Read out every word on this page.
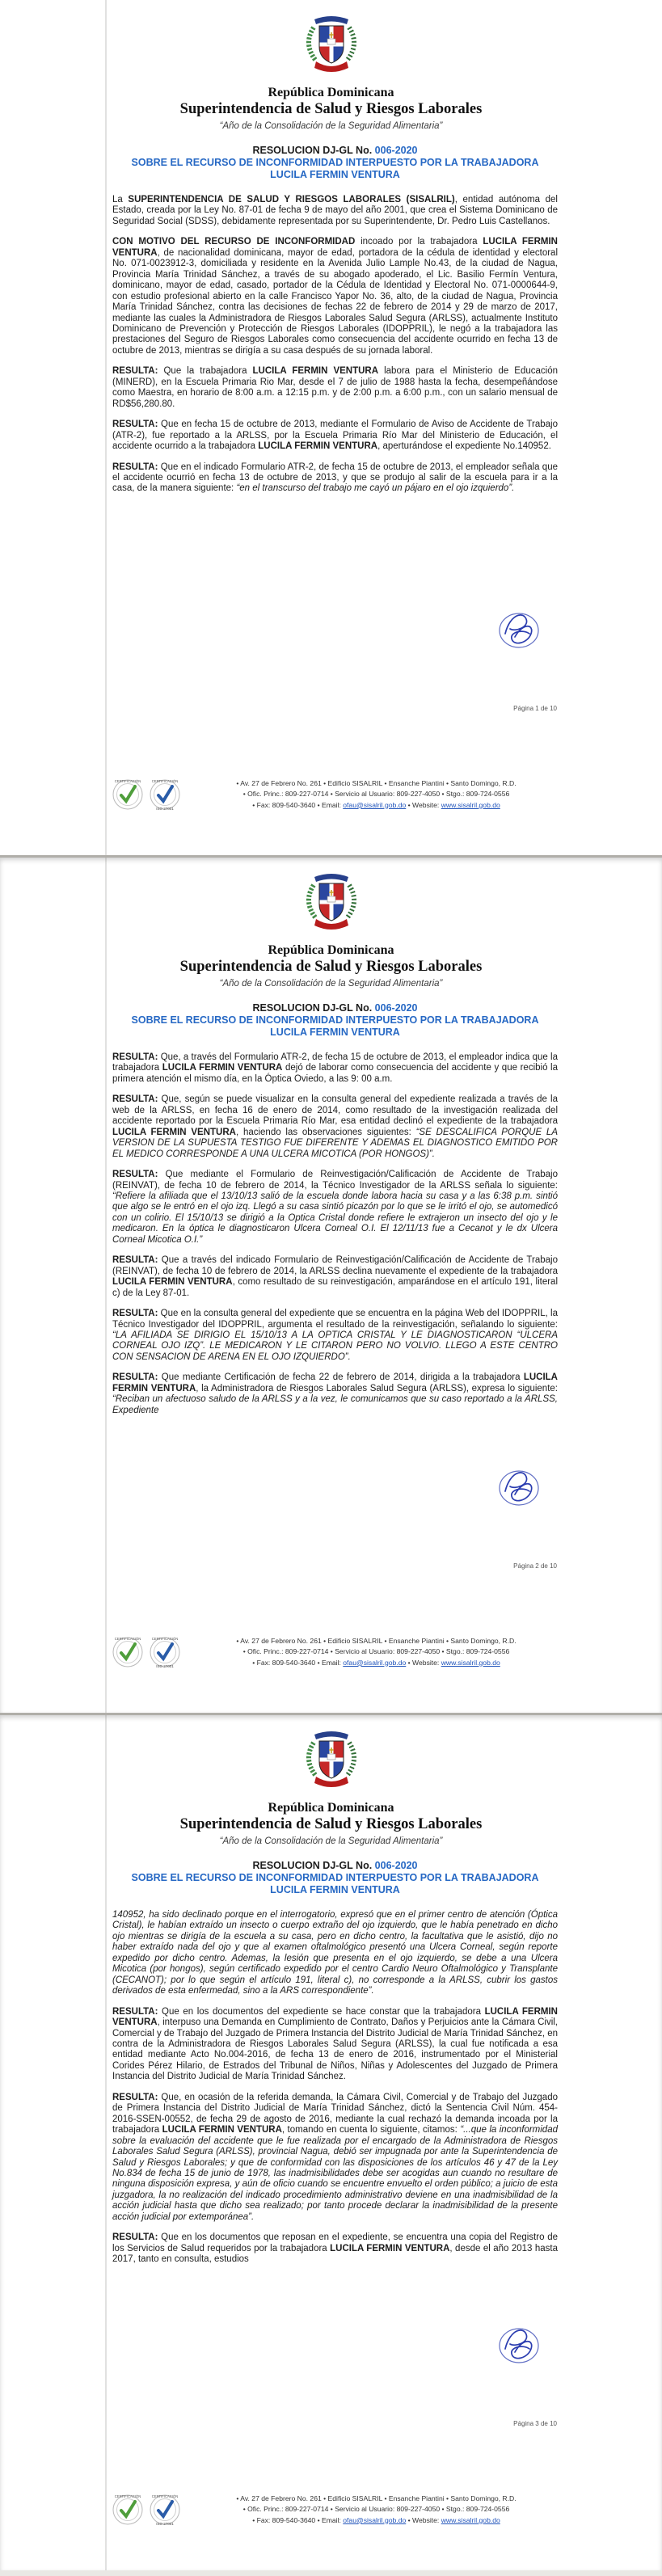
República Dominicana
Superintendencia de Salud y Riesgos Laborales
“Año de la Consolidación de la Seguridad Alimentaria”
RESOLUCION DJ-GL No. 006-2020
SOBRE EL RECURSO DE INCONFORMIDAD INTERPUESTO POR LA TRABAJADORA LUCILA FERMIN VENTURA

La SUPERINTENDENCIA DE SALUD Y RIESGOS LABORALES (SISALRIL), entidad autónoma del Estado, creada por la Ley No. 87-01 de fecha 9 de mayo del año 2001, que crea el Sistema Dominicano de Seguridad Social (SDSS), debidamente representada por su Superintendente, Dr. Pedro Luis Castellanos.

CON MOTIVO DEL RECURSO DE INCONFORMIDAD incoado por la trabajadora LUCILA FERMIN VENTURA, de nacionalidad dominicana, mayor de edad, portadora de la cédula de identidad y electoral No. 071-0023912-3, domiciliada y residente en la Avenida Julio Lample No.43, de la ciudad de Nagua, Provincia María Trinidad Sánchez, a través de su abogado apoderado, el Lic. Basilio Fermín Ventura, dominicano, mayor de edad, casado, portador de la Cédula de Identidad y Electoral No. 071-0000644-9, con estudio profesional abierto en la calle Francisco Yapor No. 36, alto, de la ciudad de Nagua, Provincia María Trinidad Sánchez, contra las decisiones de fechas 22 de febrero de 2014 y 29 de marzo de 2017, mediante las cuales la Administradora de Riesgos Laborales Salud Segura (ARLSS), actualmente Instituto Dominicano de Prevención y Protección de Riesgos Laborales (IDOPPRIL), le negó a la trabajadora las prestaciones del Seguro de Riesgos Laborales como consecuencia del accidente ocurrido en fecha 13 de octubre de 2013, mientras se dirigía a su casa después de su jornada laboral.

RESULTA: Que la trabajadora LUCILA FERMIN VENTURA labora para el Ministerio de Educación (MINERD), en la Escuela Primaria Rio Mar, desde el 7 de julio de 1988 hasta la fecha, desempeñándose como Maestra, en horario de 8:00 a.m. a 12:15 p.m. y de 2:00 p.m. a 6:00 p.m., con un salario mensual de RD$56,280.80.

RESULTA: Que en fecha 15 de octubre de 2013, mediante el Formulario de Aviso de Accidente de Trabajo (ATR-2), fue reportado a la ARLSS, por la Escuela Primaria Río Mar del Ministerio de Educación, el accidente ocurrido a la trabajadora LUCILA FERMIN VENTURA, aperturándose el expediente No.140952.

RESULTA: Que en el indicado Formulario ATR-2, de fecha 15 de octubre de 2013, el empleador señala que el accidente ocurrió en fecha 13 de octubre de 2013, y que se produjo al salir de la escuela para ir a la casa, de la manera siguiente: “en el transcurso del trabajo me cayó un pájaro en el ojo izquierdo”.

Página 1 de 10
CERTIFICACIÓN	CERTIFICACIÓN
ISO 27001
• Av. 27 de Febrero No. 261 • Edificio SISALRIL • Ensanche Piantini • Santo Domingo, R.D.
• Ofic. Princ.: 809-227-0714 • Servicio al Usuario: 809-227-4050 • Stgo.: 809-724-0556
• Fax: 809-540-3640 • Email: ofau@sisalril.gob.do • Website: www.sisalril.gob.do
República Dominicana
Superintendencia de Salud y Riesgos Laborales
“Año de la Consolidación de la Seguridad Alimentaria”
RESOLUCION DJ-GL No. 006-2020
SOBRE EL RECURSO DE INCONFORMIDAD INTERPUESTO POR LA TRABAJADORA LUCILA FERMIN VENTURA

RESULTA: Que, a través del Formulario ATR-2, de fecha 15 de octubre de 2013, el empleador indica que la trabajadora LUCILA FERMIN VENTURA dejó de laborar como consecuencia del accidente y que recibió la primera atención el mismo día, en la Óptica Oviedo, a las 9: 00 a.m.

RESULTA: Que, según se puede visualizar en la consulta general del expediente realizada a través de la web de la ARLSS, en fecha 16 de enero de 2014, como resultado de la investigación realizada del accidente reportado por la Escuela Primaria Río Mar, esa entidad declinó el expediente de la trabajadora LUCILA FERMIN VENTURA, haciendo las observaciones siguientes: “SE DESCALIFICA PORQUE LA VERSION DE LA SUPUESTA TESTIGO FUE DIFERENTE Y ADEMAS EL DIAGNOSTICO EMITIDO POR EL MEDICO CORRESPONDE A UNA ULCERA MICOTICA (POR HONGOS)”.

RESULTA: Que mediante el Formulario de Reinvestigación/Calificación de Accidente de Trabajo (REINVAT), de fecha 10 de febrero de 2014, la Técnico Investigador de la ARLSS señala lo siguiente: “Refiere la afiliada que el 13/10/13 salió de la escuela donde labora hacia su casa y a las 6:38 p.m. sintió que algo se le entró en el ojo izq. Llegó a su casa sintió picazón por lo que se le irritó el ojo, se automedicó con un colirio. El 15/10/13 se dirigió a la Optica Cristal donde refiere le extrajeron un insecto del ojo y le medicaron. En la óptica le diagnosticaron Ulcera Corneal O.I. El 12/11/13 fue a Cecanot y le dx Ulcera Corneal Micotica O.I.”

RESULTA: Que a través del indicado Formulario de Reinvestigación/Calificación de Accidente de Trabajo (REINVAT), de fecha 10 de febrero de 2014, la ARLSS declina nuevamente el expediente de la trabajadora LUCILA FERMIN VENTURA, como resultado de su reinvestigación, amparándose en el artículo 191, literal c) de la Ley 87-01.

RESULTA: Que en la consulta general del expediente que se encuentra en la página Web del IDOPPRIL, la Técnico Investigador del IDOPPRIL, argumenta el resultado de la reinvestigación, señalando lo siguiente: “LA AFILIADA SE DIRIGIO EL 15/10/13 A LA OPTICA CRISTAL Y LE DIAGNOSTICARON “ULCERA CORNEAL OJO IZQ”. LE MEDICARON Y LE CITARON PERO NO VOLVIO. LLEGO A ESTE CENTRO CON SENSACION DE ARENA EN EL OJO IZQUIERDO”.

RESULTA: Que mediante Certificación de fecha 22 de febrero de 2014, dirigida a la trabajadora LUCILA FERMIN VENTURA, la Administradora de Riesgos Laborales Salud Segura (ARLSS), expresa lo siguiente: “Reciban un afectuoso saludo de la ARLSS y a la vez, le comunicamos que su caso reportado a la ARLSS, Expediente

Página 2 de 10
CERTIFICACIÓN	CERTIFICACIÓN
ISO 27001
• Av. 27 de Febrero No. 261 • Edificio SISALRIL • Ensanche Piantini • Santo Domingo, R.D.
• Ofic. Princ.: 809-227-0714 • Servicio al Usuario: 809-227-4050 • Stgo.: 809-724-0556
• Fax: 809-540-3640 • Email: ofau@sisalril.gob.do • Website: www.sisalril.gob.do
República Dominicana
Superintendencia de Salud y Riesgos Laborales
“Año de la Consolidación de la Seguridad Alimentaria”
RESOLUCION DJ-GL No. 006-2020
SOBRE EL RECURSO DE INCONFORMIDAD INTERPUESTO POR LA TRABAJADORA LUCILA FERMIN VENTURA

140952, ha sido declinado porque en el interrogatorio, expresó que en el primer centro de atención (Óptica Cristal), le habían extraído un insecto o cuerpo extraño del ojo izquierdo, que le había penetrado en dicho ojo mientras se dirigía de la escuela a su casa, pero en dicho centro, la facultativa que le asistió, dijo no haber extraído nada del ojo y que al examen oftalmológico presentó una Ulcera Corneal, según reporte expedido por dicho centro. Ademas, la lesión que presenta en el ojo izquierdo, se debe a una Ulcera Micotica (por hongos), según certificado expedido por el centro Cardio Neuro Oftalmológico y Transplante (CECANOT); por lo que según el artículo 191, literal c), no corresponde a la ARLSS, cubrir los gastos derivados de esta enfermedad, sino a la ARS correspondiente”.

RESULTA: Que en los documentos del expediente se hace constar que la trabajadora LUCILA FERMIN VENTURA, interpuso una Demanda en Cumplimiento de Contrato, Daños y Perjuicios ante la Cámara Civil, Comercial y de Trabajo del Juzgado de Primera Instancia del Distrito Judicial de María Trinidad Sánchez, en contra de la Administradora de Riesgos Laborales Salud Segura (ARLSS), la cual fue notificada a esa entidad mediante Acto No.004-2016, de fecha 13 de enero de 2016, instrumentado por el Ministerial Corides Pérez Hilario, de Estrados del Tribunal de Niños, Niñas y Adolescentes del Juzgado de Primera Instancia del Distrito Judicial de María Trinidad Sánchez.

RESULTA: Que, en ocasión de la referida demanda, la Cámara Civil, Comercial y de Trabajo del Juzgado de Primera Instancia del Distrito Judicial de María Trinidad Sánchez, dictó la Sentencia Civil Núm. 454-2016-SSEN-00552, de fecha 29 de agosto de 2016, mediante la cual rechazó la demanda incoada por la trabajadora LUCILA FERMIN VENTURA, tomando en cuenta lo siguiente, citamos: “...que la inconformidad sobre la evaluación del accidente que le fue realizada por el encargado de la Administradora de Riesgos Laborales Salud Segura (ARLSS), provincial Nagua, debió ser impugnada por ante la Superintendencia de Salud y Riesgos Laborales; y que de conformidad con las disposiciones de los artículos 46 y 47 de la Ley No.834 de fecha 15 de junio de 1978, las inadmisibilidades debe ser acogidas aun cuando no resultare de ninguna disposición expresa, y aún de oficio cuando se encuentre envuelto el orden público; a juicio de esta juzgadora, la no realización del indicado procedimiento administrativo deviene en una inadmisibilidad de la acción judicial hasta que dicho sea realizado; por tanto procede declarar la inadmisibilidad de la presente acción judicial por extemporánea”.

RESULTA: Que en los documentos que reposan en el expediente, se encuentra una copia del Registro de los Servicios de Salud requeridos por la trabajadora LUCILA FERMIN VENTURA, desde el año 2013 hasta 2017, tanto en consulta, estudios

Página 3 de 10
CERTIFICACIÓN	CERTIFICACIÓN
ISO 27001
• Av. 27 de Febrero No. 261 • Edificio SISALRIL • Ensanche Piantini • Santo Domingo, R.D.
• Ofic. Princ.: 809-227-0714 • Servicio al Usuario: 809-227-4050 • Stgo.: 809-724-0556
• Fax: 809-540-3640 • Email: ofau@sisalril.gob.do • Website: www.sisalril.gob.do
